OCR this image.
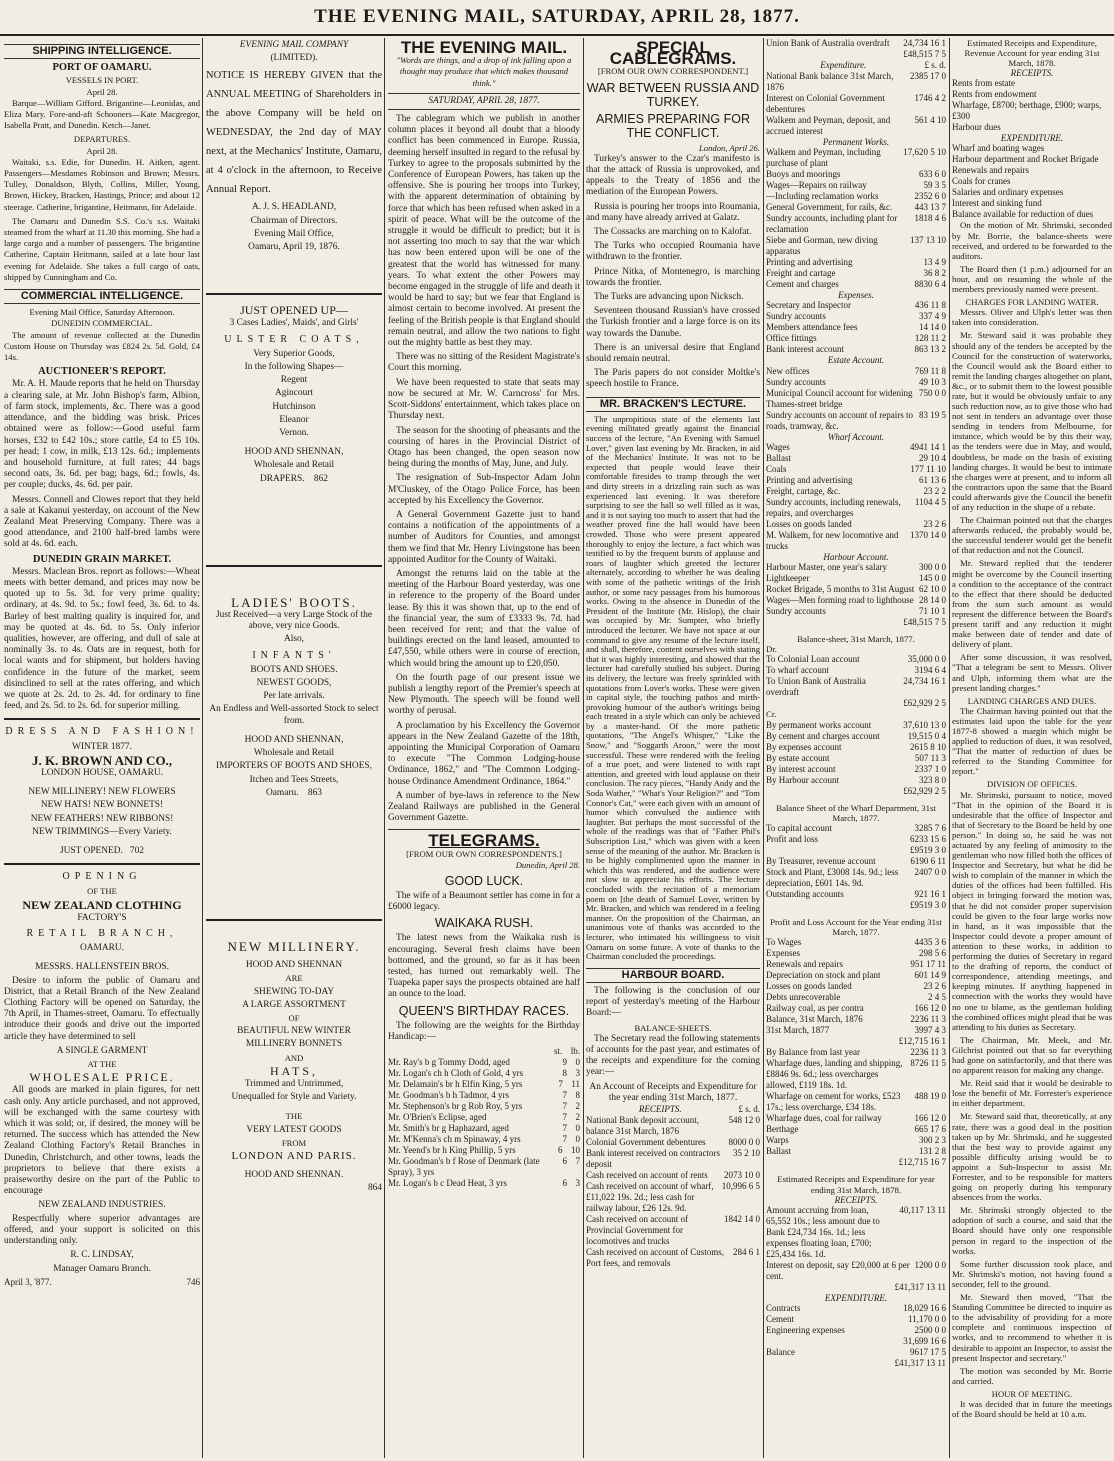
THE EVENING MAIL, SATURDAY, APRIL 28, 1877.
SHIPPING INTELLIGENCE.
PORT OF OAMARU.
VESSELS IN PORT.
April 28.

Barque—William Gifford. Brigantine—Leonidas, and Eliza Mary. Fore-and-aft Schooners—Kate Macgregor, Isabella Pratt, and Dunedin. Ketch—Janet.

DEPARTURES.
April 28.

Waitaki, s.s. Edie, for Dunedin. H. Aitken, agent. Passengers—Mesdames Robinson and Brown; Messrs. Tulley, Donaldson, Blyth, Collins, Miller, Young, Brown, Hickey, Bracken, Hastings, Prince; and about 12 steerage. Catherine, brigantine, Heitmann, for Adelaide.

The Oamaru and Dunedin S.S. Co.'s s.s. Waitaki steamed from the wharf at 11.30 this morning. She had a large cargo and a number of passengers. The brigantine Catherine, Captain Heitmann, sailed at a late hour last evening for Adelaide. She takes a full cargo of oats, shipped by Cunningham and Co.

COMMERCIAL INTELLIGENCE.
Evening Mail Office, Saturday Afternoon.
DUNEDIN COMMERCIAL.

The amount of revenue collected at the Dunedin Custom House on Thursday was £824 2s. 5d. Gold, £4 14s.

AUCTIONEER'S REPORT.

Mr. A. H. Maude reports that he held on Thursday a clearing sale, at Mr. John Bishop's farm, Albion, of farm stock, implements, &c. There was a good attendance, and the bidding was brisk. Prices obtained were as follow:—Good useful farm horses, £32 to £42 10s.; store cattle, £4 to £5 10s. per head; 1 cow, in milk, £13 12s. 6d.; implements and household furniture, at full rates; 44 bags second oats, 3s. 6d. per bag; bags, 6d.; fowls, 4s. per couple; ducks, 4s. 6d. per pair.

Messrs. Connell and Clowes report that they held a sale at Kakanui yesterday, on account of the New Zealand Meat Preserving Company. There was a good attendance, and 2100 half-bred lambs were sold at 4s. 6d. each.

DUNEDIN GRAIN MARKET.

Messrs. Maclean Bros. report as follows:—Wheat meets with better demand, and prices may now be quoted up to 5s. 3d. for very prime quality; ordinary, at 4s. 9d. to 5s.; fowl feed, 3s. 6d. to 4s. Barley of best malting quality is inquired for, and may be quoted at 4s. 6d. to 5s. Only inferior qualities, however, are offering, and dull of sale at nominally 3s. to 4s. Oats are in request, both for local wants and for shipment, but holders having confidence in the future of the market, seem disinclined to sell at the rates offering, and which we quote at 2s. 2d. to 2s. 4d. for ordinary to fine feed, and 2s. 5d. to 2s. 6d. for superior milling.

DRESS AND FASHION!

WINTER 1877.

J. K. BROWN AND CO.,

LONDON HOUSE, OAMARU.

NEW MILLINERY! NEW FLOWERS

NEW HATS! NEW BONNETS!

NEW FEATHERS! NEW RIBBONS!

NEW TRIMMINGS—Every Variety.

JUST OPENED. 702

OPENING

OF THE

NEW ZEALAND CLOTHING

FACTORY'S

RETAIL BRANCH,

OAMARU.

MESSRS. HALLENSTEIN BROS.

Desire to inform the public of Oamaru and District, that a Retail Branch of the New Zealand Clothing Factory will be opened on Saturday, the 7th April, in Thames-street, Oamaru. To effectually introduce their goods and drive out the imported article they have determined to sell

A SINGLE GARMENT

AT THE

WHOLESALE PRICE.

All goods are marked in plain figures, for nett cash only. Any article purchased, and not approved, will be exchanged with the same courtesy with which it was sold; or, if desired, the money will be returned. The success which has attended the New Zealand Clothing Factory's Retail Branches in Dunedin, Christchurch, and other towns, leads the proprietors to believe that there exists a praiseworthy desire on the part of the Public to encourage

NEW ZEALAND INDUSTRIES.

Respectfully where superior advantages are offered, and your support is solicited on this understanding only.

R. C. LINDSAY,

Manager Oamaru Branch.

April 3, '877.	746

EVENING MAIL COMPANY

(LIMITED).

NOTICE IS HEREBY GIVEN that the ANNUAL MEETING of Shareholders in the above Company will be held on WEDNESDAY, the 2nd day of MAY next, at the Mechanics' Institute, Oamaru, at 4 o'clock in the afternoon, to Receive Annual Report.

A. J. S. HEADLAND,

Chairman of Directors.

Evening Mail Office,

Oamaru, April 19, 1876.

JUST OPENED UP—

3 Cases Ladies', Maids', and Girls'

ULSTER COATS,

Very Superior Goods,

In the following Shapes—

Regent

Agincourt

Hutchinson

Eleanor

Vernon.

HOOD AND SHENNAN,

Wholesale and Retail

DRAPERS. 862

LADIES' BOOTS.

Just Received—a very Large Stock of the above, very nice Goods.

Also,

INFANTS'

BOOTS AND SHOES.

NEWEST GOODS,

Per late arrivals.

An Endless and Well-assorted Stock to select from.

HOOD AND SHENNAN,

Wholesale and Retail

IMPORTERS OF BOOTS AND SHOES,

Itchen and Tees Streets,

Oamaru. 863

NEW MILLINERY.

HOOD AND SHENNAN

ARE

SHEWING TO-DAY

A LARGE ASSORTMENT

OF

BEAUTIFUL NEW WINTER

MILLINERY BONNETS

AND

HATS,

Trimmed and Untrimmed,

Unequalled for Style and Variety.

THE

VERY LATEST GOODS

FROM

LONDON AND PARIS.

HOOD AND SHENNAN.

864

THE EVENING MAIL.
"Words are things, and a drop of ink falling upon a thought may produce that which makes thousand think."
SATURDAY, APRIL 28, 1877.

The cablegram which we publish in another column places it beyond all doubt that a bloody conflict has been commenced in Europe. Russia, deeming herself insulted in regard to the refusal by Turkey to agree to the proposals submitted by the Conference of European Powers, has taken up the offensive. She is pouring her troops into Turkey, with the apparent determination of obtaining by force that which has been refused when asked in a spirit of peace. What will be the outcome of the struggle it would be difficult to predict; but it is not asserting too much to say that the war which has now been entered upon will be one of the greatest that the world has witnessed for many years. To what extent the other Powers may become engaged in the struggle of life and death it would be hard to say; but we fear that England is almost certain to become involved. At present the feeling of the British people is that England should remain neutral, and allow the two nations to fight out the mighty battle as best they may.

There was no sitting of the Resident Magistrate's Court this morning.

We have been requested to state that seats may now be secured at Mr. W. Carncross' for Mrs. Scott-Siddons' entertainment, which takes place on Thursday next.

The season for the shooting of pheasants and the coursing of hares in the Provincial District of Otago has been changed, the open season now being during the months of May, June, and July.

The resignation of Sub-Inspector Adam John M'Cluskey, of the Otago Police Force, has been accepted by his Excellency the Governor.

A General Government Gazette just to hand contains a notification of the appointments of a number of Auditors for Counties, and amongst them we find that Mr. Henry Livingstone has been appointed Auditor for the County of Waitaki.

Amongst the returns laid on the table at the meeting of the Harbour Board yesterday, was one in reference to the property of the Board under lease. By this it was shown that, up to the end of the financial year, the sum of £3333 9s. 7d. had been received for rent; and that the value of buildings erected on the land leased, amounted to £47,550, while others were in course of erection, which would bring the amount up to £20,050.

On the fourth page of our present issue we publish a lengthy report of the Premier's speech at New Plymouth. The speech will be found well worthy of perusal.

A proclamation by his Excellency the Governor appears in the New Zealand Gazette of the 18th, appointing the Municipal Corporation of Oamaru to execute "The Common Lodging-house Ordinance, 1862," and "The Common Lodging-house Ordinance Amendment Ordinance, 1864."

A number of bye-laws in reference to the New Zealand Railways are published in the General Government Gazette.

TELEGRAMS.
[FROM OUR OWN CORRESPONDENTS.]
Dunedin, April 28.
GOOD LUCK.

The wife of a Beaumont settler has come in for a £6000 legacy.

WAIKAKA RUSH.

The latest news from the Waikaka rush is encouraging. Several fresh claims have been bottomed, and the ground, so far as it has been tested, has turned out remarkably well. The Tuapeka paper says the prospects obtained are half an ounce to the load.

QUEEN'S BIRTHDAY RACES.

The following are the weights for the Birthday Handicap:—

st.
lb.
Mr. Ray's b g Tommy Dodd, aged	9 0
Mr. Logan's ch h Cloth of Gold, 4 yrs	8 3
Mr. Delamain's br h Elfin King, 5 yrs	7 11
Mr. Goodman's b h Tadmor, 4 yrs	7 8
Mr. Stephenson's br g Rob Roy, 5 yrs	7 2
Mr. O'Brien's Eclipse, aged	7 2
Mr. Smith's br g Haphazard, aged	7 0
Mr. M'Kenna's ch m Spinaway, 4 yrs	7 0
Mr. Yeend's br h King Phillip, 5 yrs	6 10
Mr. Goodman's b f Rose of Denmark (late Spray), 3 yrs
6 7
Mr. Logan's b c Dead Heat, 3 yrs	6 3
SPECIAL CABLEGRAMS.
[FROM OUR OWN CORRESPONDENT.]
WAR BETWEEN RUSSIA AND TURKEY.
ARMIES PREPARING FOR THE CONFLICT.
London, April 26.

Turkey's answer to the Czar's manifesto is that the attack of Russia is unprovoked, and appeals to the Treaty of 1856 and the mediation of the European Powers.

Russia is pouring her troops into Roumania, and many have already arrived at Galatz.

The Cossacks are marching on to Kalofat.

The Turks who occupied Roumania have withdrawn to the frontier.

Prince Nitka, of Montenegro, is marching towards the frontier.

The Turks are advancing upon Nicksch.

Seventeen thousand Russian's have crossed the Turkish frontier and a large force is on its way towards the Danube.

There is an universal desire that England should remain neutral.

The Paris papers do not consider Moltke's speech hostile to France.

MR. BRACKEN'S LECTURE.

The unpropitious state of the elements last evening militated greatly against the financial success of the lecture, "An Evening with Samuel Lover," given last evening by Mr. Bracken, in aid of the Mechanics' Institute. It was not to be expected that people would leave their comfortable firesides to tramp through the wet and dirty streets in a drizzling rain such as was experienced last evening. It was therefore surprising to see the hall so well filled as it was, and it is not saying too much to assert that had the weather proved fine the hall would have been crowded. Those who were present appeared thoroughly to enjoy the lecture, a fact which was testified to by the frequent bursts of applause and roars of laughter which greeted the lecturer alternately, according to whether he was dealing with some of the pathetic writings of the Irish author, or some racy passages from his humorous works. Owing to the absence in Dunedin of the President of the Institute (Mr. Hislop), the chair was occupied by Mr. Sumpter, who briefly introduced the lecturer. We have not space at our command to give any resume of the lecture itself, and shall, therefore, content ourselves with stating that it was highly interesting, and showed that the lecturer had carefully studied his subject. During its delivery, the lecture was freely sprinkled with quotations from Lover's works. These were given in capital style, the touching pathos and mirth-provoking humour of the author's writings being each treated in a style which can only be achieved by a master-hand. Of the more pathetic quotations, "The Angel's Whisper," "Like the Snow," and "Soggarth Aroon," were the most successful. These were rendered with the feeling of a true poet, and were listened to with rapt attention, and greeted with loud applause on their conclusion. The racy pieces, "Handy Andy and the Soda Wather," "What's Your Religion?" and "Tom Connor's Cat," were each given with an amount of humor which convulsed the audience with laughter. But perhaps the most successful of the whole of the readings was that of "Father Phil's Subscription List," which was given with a keen sense of the meaning of the author. Mr. Bracken is to be highly complimented upon the manner in which this was rendered, and the audience were not slow to appreciate his efforts. The lecture concluded with the recitation of a memoriam poem on [the death of Samuel Lover, written by Mr. Bracken, and which was rendered in a feeling manner. On the proposition of the Chairman, an unanimous vote of thanks was accorded to the lecturer, who intimated his willingness to visit Oamaru on some future. A vote of thanks to the Chairman concluded the proceedings.

HARBOUR BOARD.

The following is the conclusion of our report of yesterday's meeting of the Harbour Board:—

BALANCE-SHEETS.

The Secretary read the following statements of accounts for the past year, and estimates of the receipts and expenditure for the coming year:—

An Account of Receipts and Expenditure for the year ending 31st March, 1877.
RECEIPTS.	£ s. d.
National Bank deposit account, balance 31st March, 1876
548 12 0
Colonial Government debentures	8000 0 0
Bank interest received on contractors deposit
35 2 10
Cash received on account of rents	2073 10 0
Cash received on account of wharf, £11,022 19s. 2d.; less cash for railway labour, £26 12s. 9d.
10,996 6 5
Cash received on account of Provincial Government for locomotives and trucks
1842 14 0
Cash received on account of Customs, Port fees, and removals
284 6 1
Union Bank of Australia overdraft	24,734 16 1
£48,515 7 5
Expenditure.	£ s. d.
National Bank balance 31st March, 1876
2385 17 0
Interest on Colonial Government debentures
1746 4 2
Walkem and Peyman, deposit, and accrued interest
561 4 10
Permanent Works.
Walkem and Peyman, including purchase of plant
17,620 5 10
Buoys and moorings	633 6 0
Wages—Repairs on railway	59 3 5
—Including reclamation works	2352 6 0
General Government, for rails, &c.	443 13 7
Sundry accounts, including plant for reclamation
1818 4 6
Siebe and Gorman, new diving apparatus
137 13 10
Printing and advertising	13 4 9
Freight and cartage	36 8 2
Cement and charges	8830 6 4
Expenses.
Secretary and Inspector	436 11 8
Sundry accounts	337 4 9
Members attendance fees	14 14 0
Office fittings	128 11 2
Bank interest account	863 13 2
Estate Account.
New offices	769 11 8
Sundry accounts	49 10 3
Municipal Council account for widening Thames-street bridge
750 0 0
Sundry accounts on account of repairs to roads, tramway, &c.
83 19 5
Wharf Account.
Wages	4941 14 1
Ballast	29 10 4
Coals	177 11 10
Printing and advertising	61 13 6
Freight, cartage, &c.	23 2 2
Sundry accounts, including renewals, repairs, and overcharges
1104 4 5
Losses on goods landed	23 2 6
M. Walkem, for new locomotive and trucks
1370 14 0
Harbour Account.
Harbour Master, one year's salary	300 0 0
Lightkeeper	145 0 0
Rocket Brigade, 5 months to 31st August 62 10 0
Wages—Men forming road to lighthouse 28 14 0
Sundry accounts	71 10 1
£48,515 7 5
Balance-sheet, 31st March, 1877.
Dr.
To Colonial Loan account	35,000 0 0
To wharf account	3194 6 4
To Union Bank of Australia overdraft
24,734 16 1
£62,929 2 5
Cr.
By permanent works account	37,610 13 0
By cement and charges account	19,515 0 4
By expenses account	2615 8 10
By estate account	507 11 3
By interest account	2337 1 0
By Harbour account	323 8 0
£62,929 2 5
Balance Sheet of the Wharf Department, 31st March, 1877.
To capital account	3285 7 6
Profit and loss	6233 15 6
£9519 3 0
By Treasurer, revenue account	6190 6 11
Stock and Plant, £3008 14s. 9d.; less depreciation, £601 14s. 9d.
2407 0 0
Outstanding accounts	921 16 1
£9519 3 0
Profit and Loss Account for the Year ending 31st March, 1877.
To Wages	4435 3 6
Expenses	298 5 6
Renewals and repairs	951 17 11
Depreciation on stock and plant	601 14 9
Losses on goods landed	23 2 6
Debts unrecoverable	2 4 5
Railway coal, as per contra	166 12 0
Balance, 31st March, 1876	2236 11 3
31st March, 1877	3997 4 3
£12,715 16 1
By Balance from last year	2236 11 3
Wharfage dues, landing and shipping, £8846 9s. 6d.; less overcharges allowed, £119 18s. 1d.
8726 11 5
Wharfage on cement for works, £523 17s.; less overcharge, £34 18s.
488 19 0
Wharfage dues, coal for railway	166 12 0
Berthage	665 17 6
Warps	300 2 3
Ballast	131 2 8
£12,715 16 7
Estimated Receipts and Expenditure for year ending 31st March, 1878.
RECEIPTS.
Amount accruing from loan, 65,552 10s.; less amount due to Bank £24,734 16s. 1d.; less expenses floating loan, £700; £25,434 16s. 1d.
40,117 13 11
Interest on deposit, say £20,000 at 6 per cent.
1200 0 0
£41,317 13 11
EXPENDITURE.
Contracts	18,029 16 6
Cement	11,170 0 0
Engineering expenses	2500 0 0
31,699 16 6
Balance	9617 17 5
£41,317 13 11
Estimated Receipts and Expenditure, Revenue Account for year ending 31st March, 1878.
RECEIPTS.
Rents from estate
Rents from endowment
Wharfage, £8700; berthage, £900; warps, £300
Harbour dues
EXPENDITURE.
Wharf and boating wages
Harbour department and Rocket Brigade
Renewals and repairs
Coals for cranes
Salaries and ordinary expenses
Interest and sinking fund
Balance available for reduction of dues

On the motion of Mr. Shrimski, seconded by Mr. Borrie, the balance-sheets were received, and ordered to be forwarded to the auditors.

The Board then (1 p.m.) adjourned for an hour, and on resuming the whole of the members previously named were present.

CHARGES FOR LANDING WATER.

Messrs. Oliver and Ulph's letter was then taken into consideration.

Mr. Steward said it was probable they should any of the tenders be accepted by the Council for the construction of waterworks, the Council would ask the Board either to remit the landing charges altogether on plant, &c., or to submit them to the lowest possible rate, but it would be obviously unfair to any such reduction now, as to give those who had not sent in tenders an advantage over those sending in tenders from Melbourne, for instance, which would be by this their way, as the tenders were due in May, and would, doubtless, be made on the basis of existing landing charges. It would be best to intimate the charges were at present, and to inform all the contractors upon the same that the Board could afterwards give the Council the benefit of any reduction in the shape of a rebate.

The Chairman pointed out that the charges afterwards reduced, the probably would be, the successful tenderer would get the benefit of that reduction and not the Council.

Mr. Steward replied that the tenderer might be overcome by the Council inserting a condition to the acceptance of the contract to the effect that there should be deducted from the sum such amount as would represent the difference between the Board's present tariff and any reduction it might make between date of tender and date of delivery of plant.

After some discussion, it was resolved, "That a telegram be sent to Messrs. Oliver and Ulph, informing them what are the present landing charges."

LANDING CHARGES AND DUES.

The Chairman having pointed out that the estimates laid upon the table for the year 1877-8 showed a margin which might be applied to reduction of dues, it was resolved, "That the matter of reduction of dues be referred to the Standing Committee for report."

DIVISION OF OFFICES.

Mr. Shrimski, pursuant to notice, moved "That in the opinion of the Board it is undesirable that the office of Inspector and that of Secretary to the Board be held by one person." In doing so, he said he was not actuated by any feeling of animosity to the gentleman who now filled both the offices of Inspector and Secretary, but what he did he wish to complain of the manner in which the duties of the offices had been fulfilled. His object in bringing forward the motion was, that he did not consider proper supervision could be given to the four large works now in hand, as it was impossible that the Inspector could devote a proper amount of attention to these works, in addition to performing the duties of Secretary in regard to the drafting of reports, the conduct of correspondence, attending meetings, and keeping minutes. If anything happened in connection with the works they would have no one to blame, as the gentleman holding the combined offices might plead that he was attending to his duties as Secretary.

The Chairman, Mr. Meek, and Mr. Gilchrist pointed out that so far everything had gone on satisfactorily, and that there was no apparent reason for making any change.

Mr. Reid said that it would be desirable to lose the benefit of Mr. Forrester's experience in either department.

Mr. Steward said that, theoretically, at any rate, there was a good deal in the position taken up by Mr. Shrimski, and he suggested that the best way to provide against any possible difficulty arising would be to appoint a Sub-Inspector to assist Mr. Forrester, and to be responsible for matters going on properly during his temporary absences from the works.

Mr. Shrimski strongly objected to the adoption of such a course, and said that the Board should have only one responsible person in regard to the inspection of the works.

Some further discussion took place, and Mr. Shrimski's motion, not having found a seconder, fell to the ground.

Mr. Steward then moved, "That the Standing Committee be directed to inquire as to the advisability of providing for a more complete and continuous inspection of works, and to recommend to whether it is desirable to appoint an Inspector, to assist the present Inspector and secretary."

The motion was seconded by Mr. Borrie and carried.

HOUR OF MEETING.

It was decided that in future the meetings of the Board should be held at 10 a.m.
